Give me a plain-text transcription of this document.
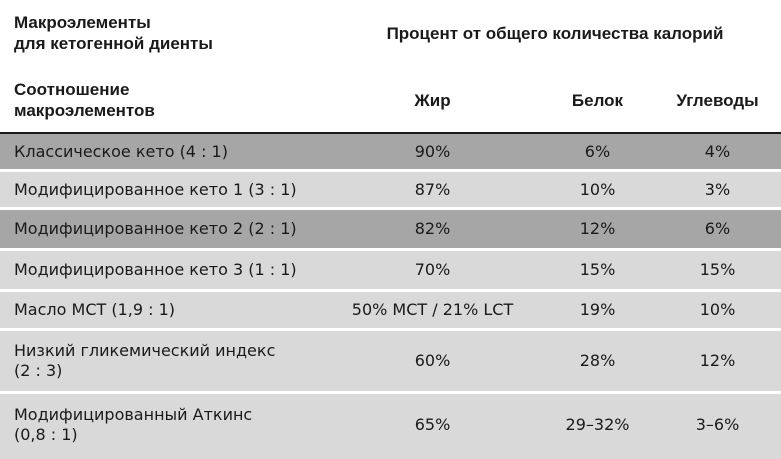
Макроэлементы
для кетогенной диенты
Процент от общего количества калорий
Соотношение
макроэлементов
Жир	Белок	Углеводы
Классическое кето (4 : 1)	90%	6%	4%
Модифицированное кето 1 (3 : 1)	87%	10%	3%
Модифицированное кето 2 (2 : 1)	82%	12%	6%
Модифицированное кето 3 (1 : 1)	70%	15%	15%
Масло МСТ (1,9 : 1)	50% MCT / 21% LCT	19%	10%
Низкий гликемический индекс
(2 : 3)
60%	28%	12%
Модифицированный Аткинс
(0,8 : 1)
65%	29–32%	3–6%
